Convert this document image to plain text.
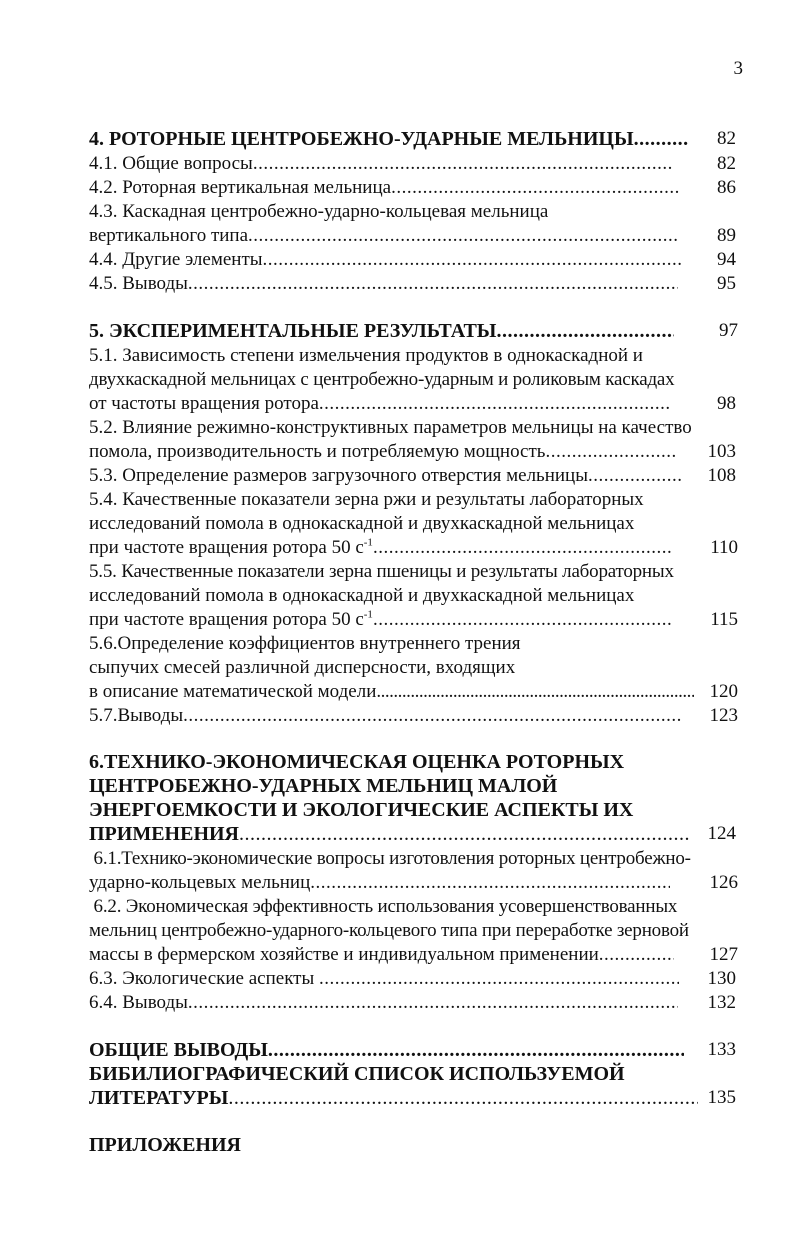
3
4. РОТОРНЫЕ ЦЕНТРОБЕЖНО-УДАРНЫЕ МЕЛЬНИЦЫ .....	82
4.1. Общие вопросы .....	82
4.2. Роторная вертикальная мельница .....	86
4.3. Каскадная центробежно-ударно-кольцевая мельница
вертикального типа .....	89
4.4. Другие элементы .....	94
4.5. Выводы .....	95
5. ЭКСПЕРИМЕНТАЛЬНЫЕ РЕЗУЛЬТАТЫ .....	97
5.1. Зависимость степени измельчения продуктов в однокаскадной и
двухкаскадной мельницах с центробежно-ударным и роликовым каскадах
от частоты вращения ротора .....	98
5.2. Влияние режимно-конструктивных параметров мельницы на качество
помола, производительность и потребляемую мощность .....	103
5.3. Определение размеров загрузочного отверстия мельницы .....	108
5.4. Качественные показатели зерна ржи и результаты лабораторных
исследований помола в однокаскадной и двухкаскадной мельницах
при частоте вращения ротора 50 $с^{-1}$ .....	110
5.5. Качественные показатели зерна пшеницы и результаты лабораторных
исследований помола в однокаскадной и двухкаскадной мельницах
при частоте вращения ротора 50 $с^{-1}$ .....	115
5.6.Определение коэффициентов внутреннего трения
сыпучих смесей различной дисперсности, входящих
в описание математической модели .....	120
5.7.Выводы .....	123
6.ТЕХНИКО-ЭКОНОМИЧЕСКАЯ ОЦЕНКА РОТОРНЫХ
ЦЕНТРОБЕЖНО-УДАРНЫХ МЕЛЬНИЦ МАЛОЙ
ЭНЕРГОЕМКОСТИ И ЭКОЛОГИЧЕСКИЕ АСПЕКТЫ ИХ
ПРИМЕНЕНИЯ .....	124
6.1.Технико-экономические вопросы изготовления роторных центробежно-
ударно-кольцевых мельниц .....	126
6.2. Экономическая эффективность использования усовершенствованных
мельниц центробежно-ударного-кольцевого типа при переработке зерновой
массы в фермерском хозяйстве и индивидуальном применении .....	127
6.3. Экологические аспекты .....	130
6.4. Выводы .....	132
ОБЩИЕ ВЫВОДЫ .....	133
БИБИЛИОГРАФИЧЕСКИЙ СПИСОК ИСПОЛЬЗУЕМОЙ
ЛИТЕРАТУРЫ .....	135
ПРИЛОЖЕНИЯ
